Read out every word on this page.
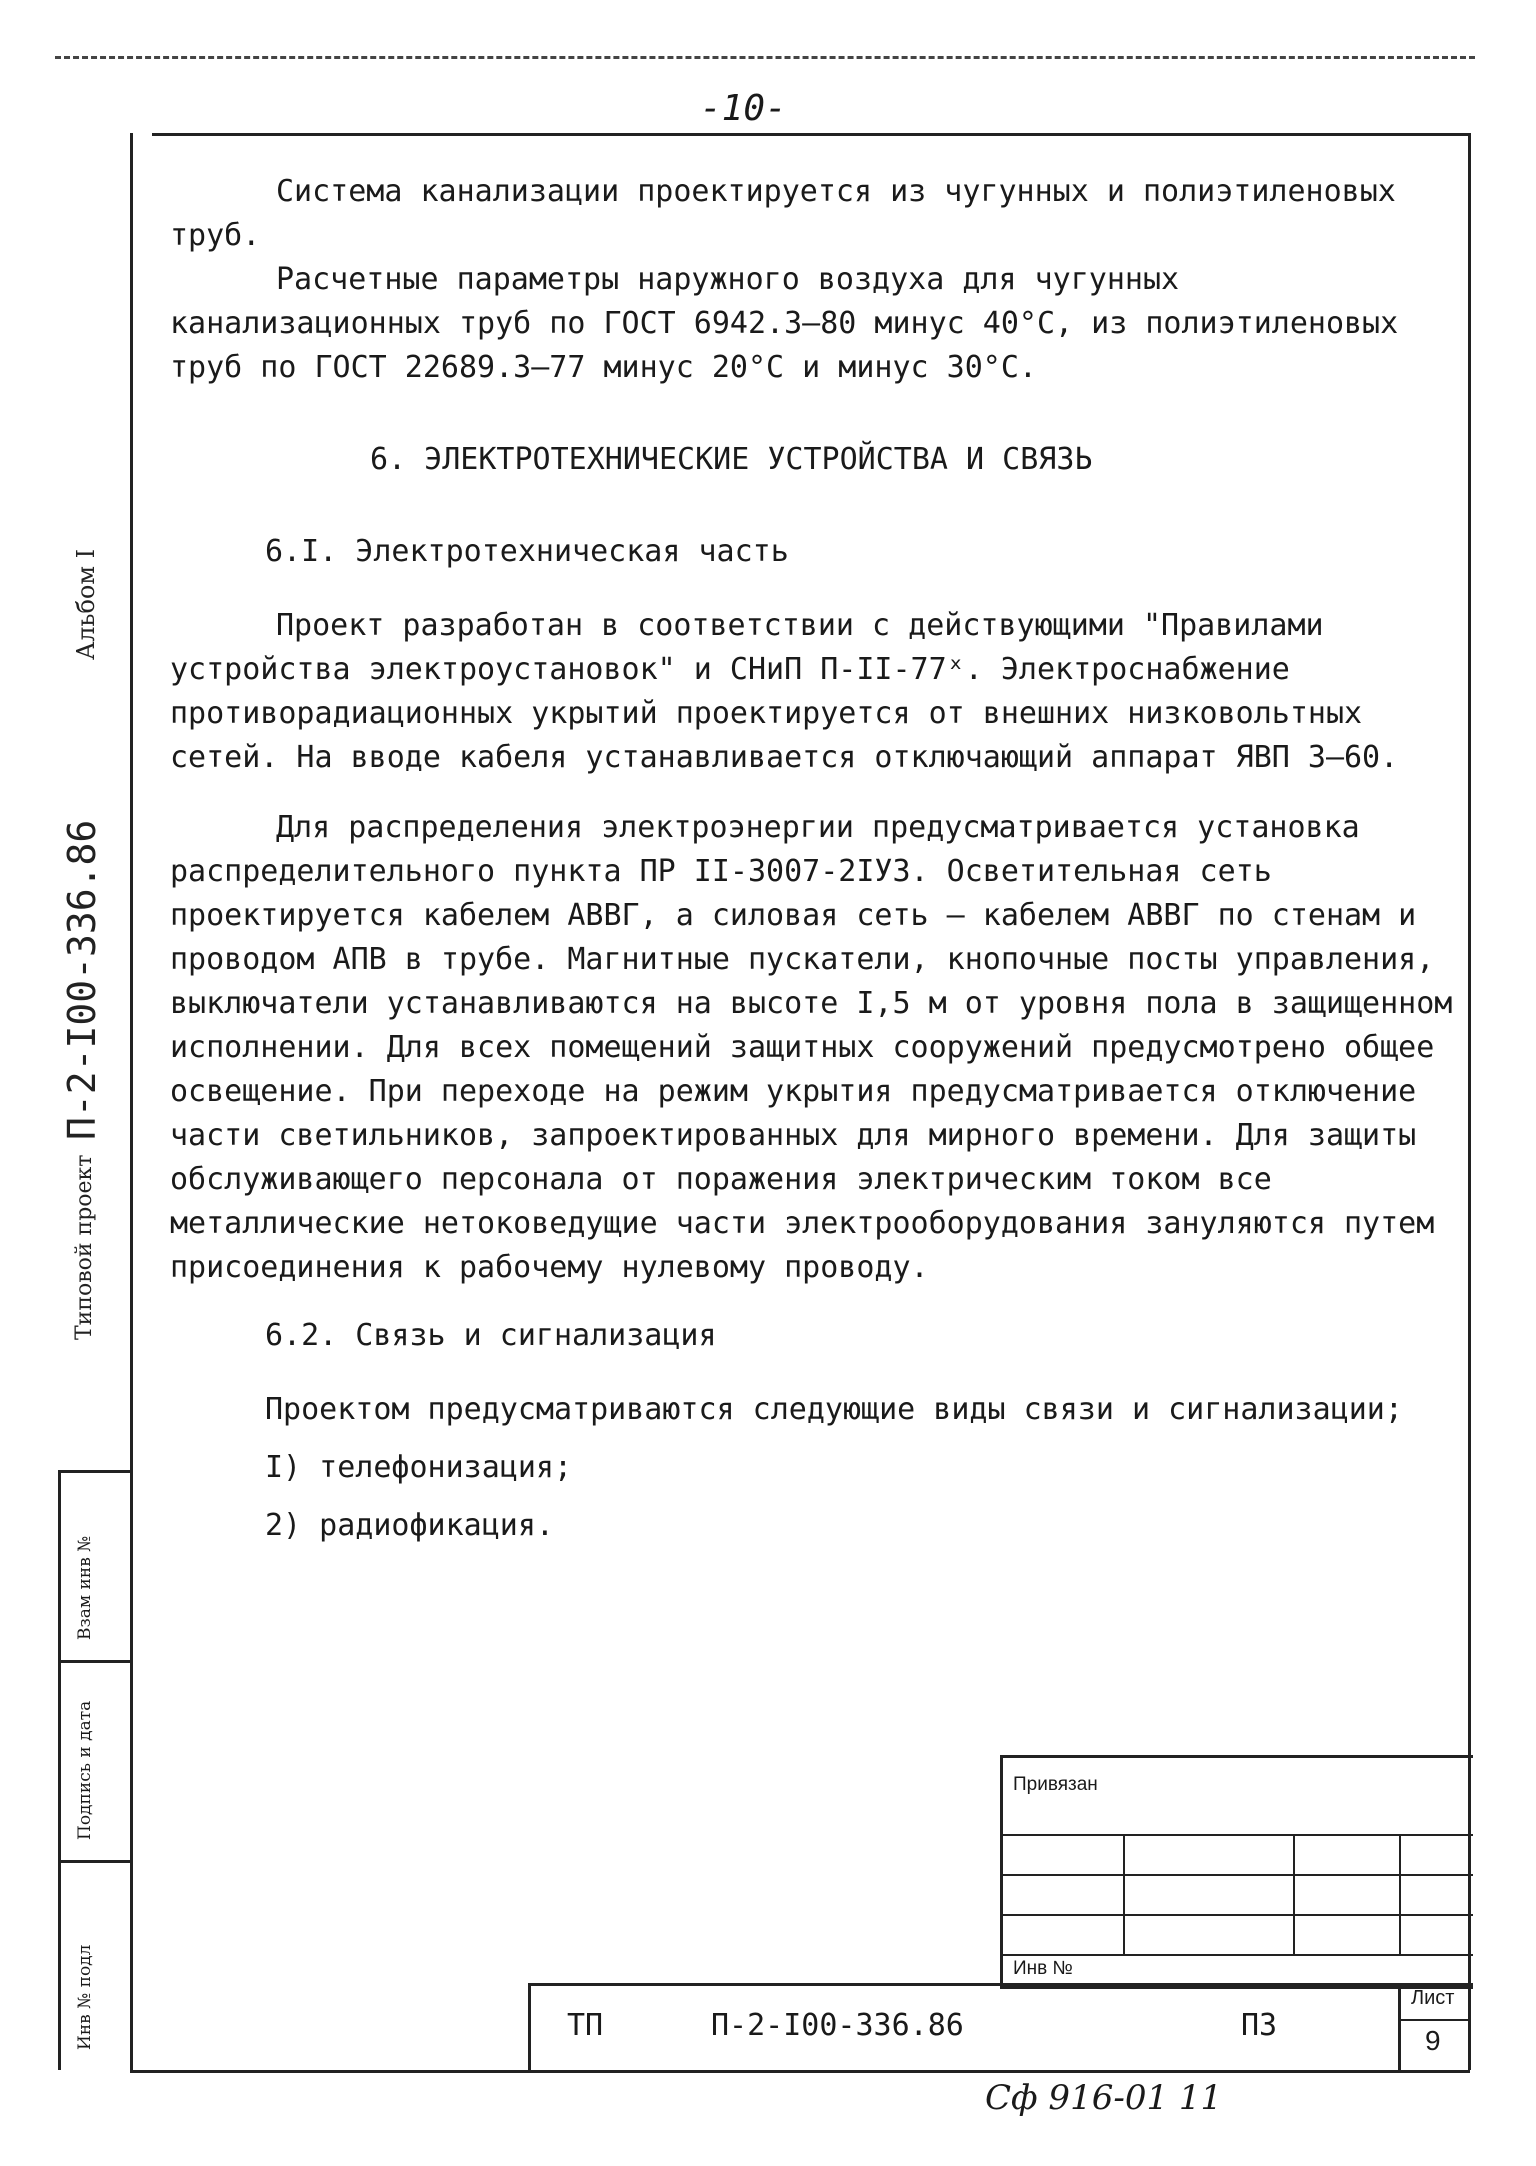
-10-
Альбом I
П-2-I00-336.86
Типовой проект
Взам инв №
Подпись и дата
Инв № подл

Система канализации проектируется из чугунных и полиэтиленовых труб.

Расчетные параметры наружного воздуха для чугунных канализационных труб по ГОСТ 6942.3–80 минус 40°С, из полиэтиленовых труб по ГОСТ 22689.3–77 минус 20°С и минус 30°С.

6. ЭЛЕКТРОТЕХНИЧЕСКИЕ УСТРОЙСТВА И СВЯЗЬ

6.I. Электротехническая часть

Проект разработан в соответствии с действующими "Правилами устройства электроустановок" и СНиП П-II-77ˣ. Электроснабжение противорадиационных укрытий проектируется от внешних низковольтных сетей. На вводе кабеля устанавливается отключающий аппарат ЯВП 3–60.

Для распределения электроэнергии предусматривается установка распределительного пункта ПР II-3007-2IУЗ. Осветительная сеть проектируется кабелем АВВГ, а силовая сеть – кабелем АВВГ по стенам и проводом АПВ в трубе. Магнитные пускатели, кнопочные посты управления, выключатели устанавливаются на высоте I,5 м от уровня пола в защищенном исполнении. Для всех помещений защитных сооружений предусмотрено общее освещение. При переходе на режим укрытия предусматривается отключение части светильников, запроектированных для мирного времени. Для защиты обслуживающего персонала от поражения электрическим током все металлические нетоковедущие части электрооборудования зануляются путем присоединения к рабочему нулевому проводу.

6.2. Связь и сигнализация

Проектом предусматриваются следующие виды связи и сигнализации;

I) телефонизация;

2) радиофикация.

Привязан
Инв №
ТП	П-2-I00-336.86	ПЗ
Лист
9
Сф 916-01 11
